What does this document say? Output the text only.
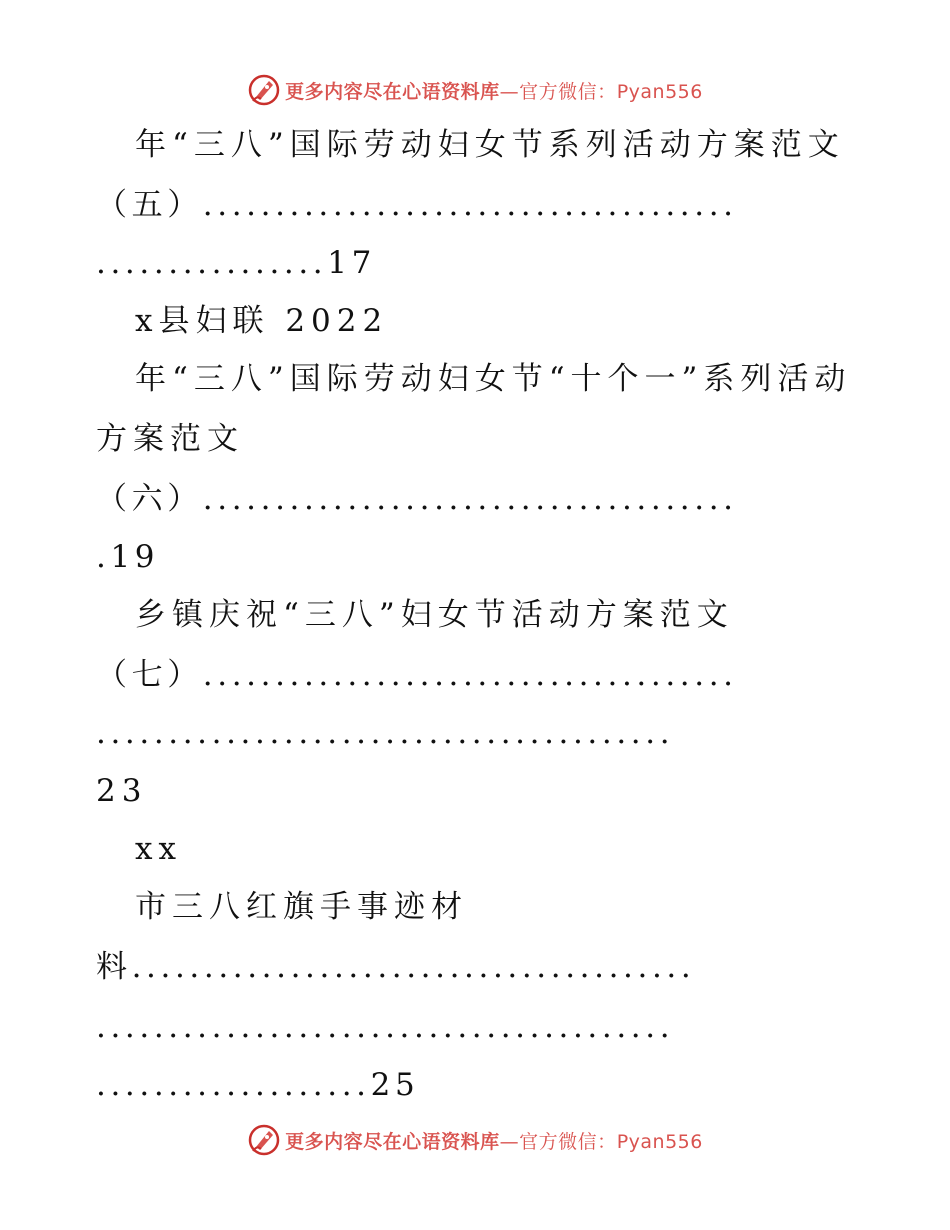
更多内容尽在心语资料库—官方微信：Pyan556
年“三八”国际劳动妇女节系列活动方案范文
（五）.....................................
................17
x县妇联 2022
年“三八”国际劳动妇女节“十个一”系列活动
方案范文
（六）.....................................
.19
乡镇庆祝“三八”妇女节活动方案范文
（七）.....................................
........................................
23
xx
市三八红旗手事迹材
料.......................................
........................................
...................25
更多内容尽在心语资料库—官方微信：Pyan556
